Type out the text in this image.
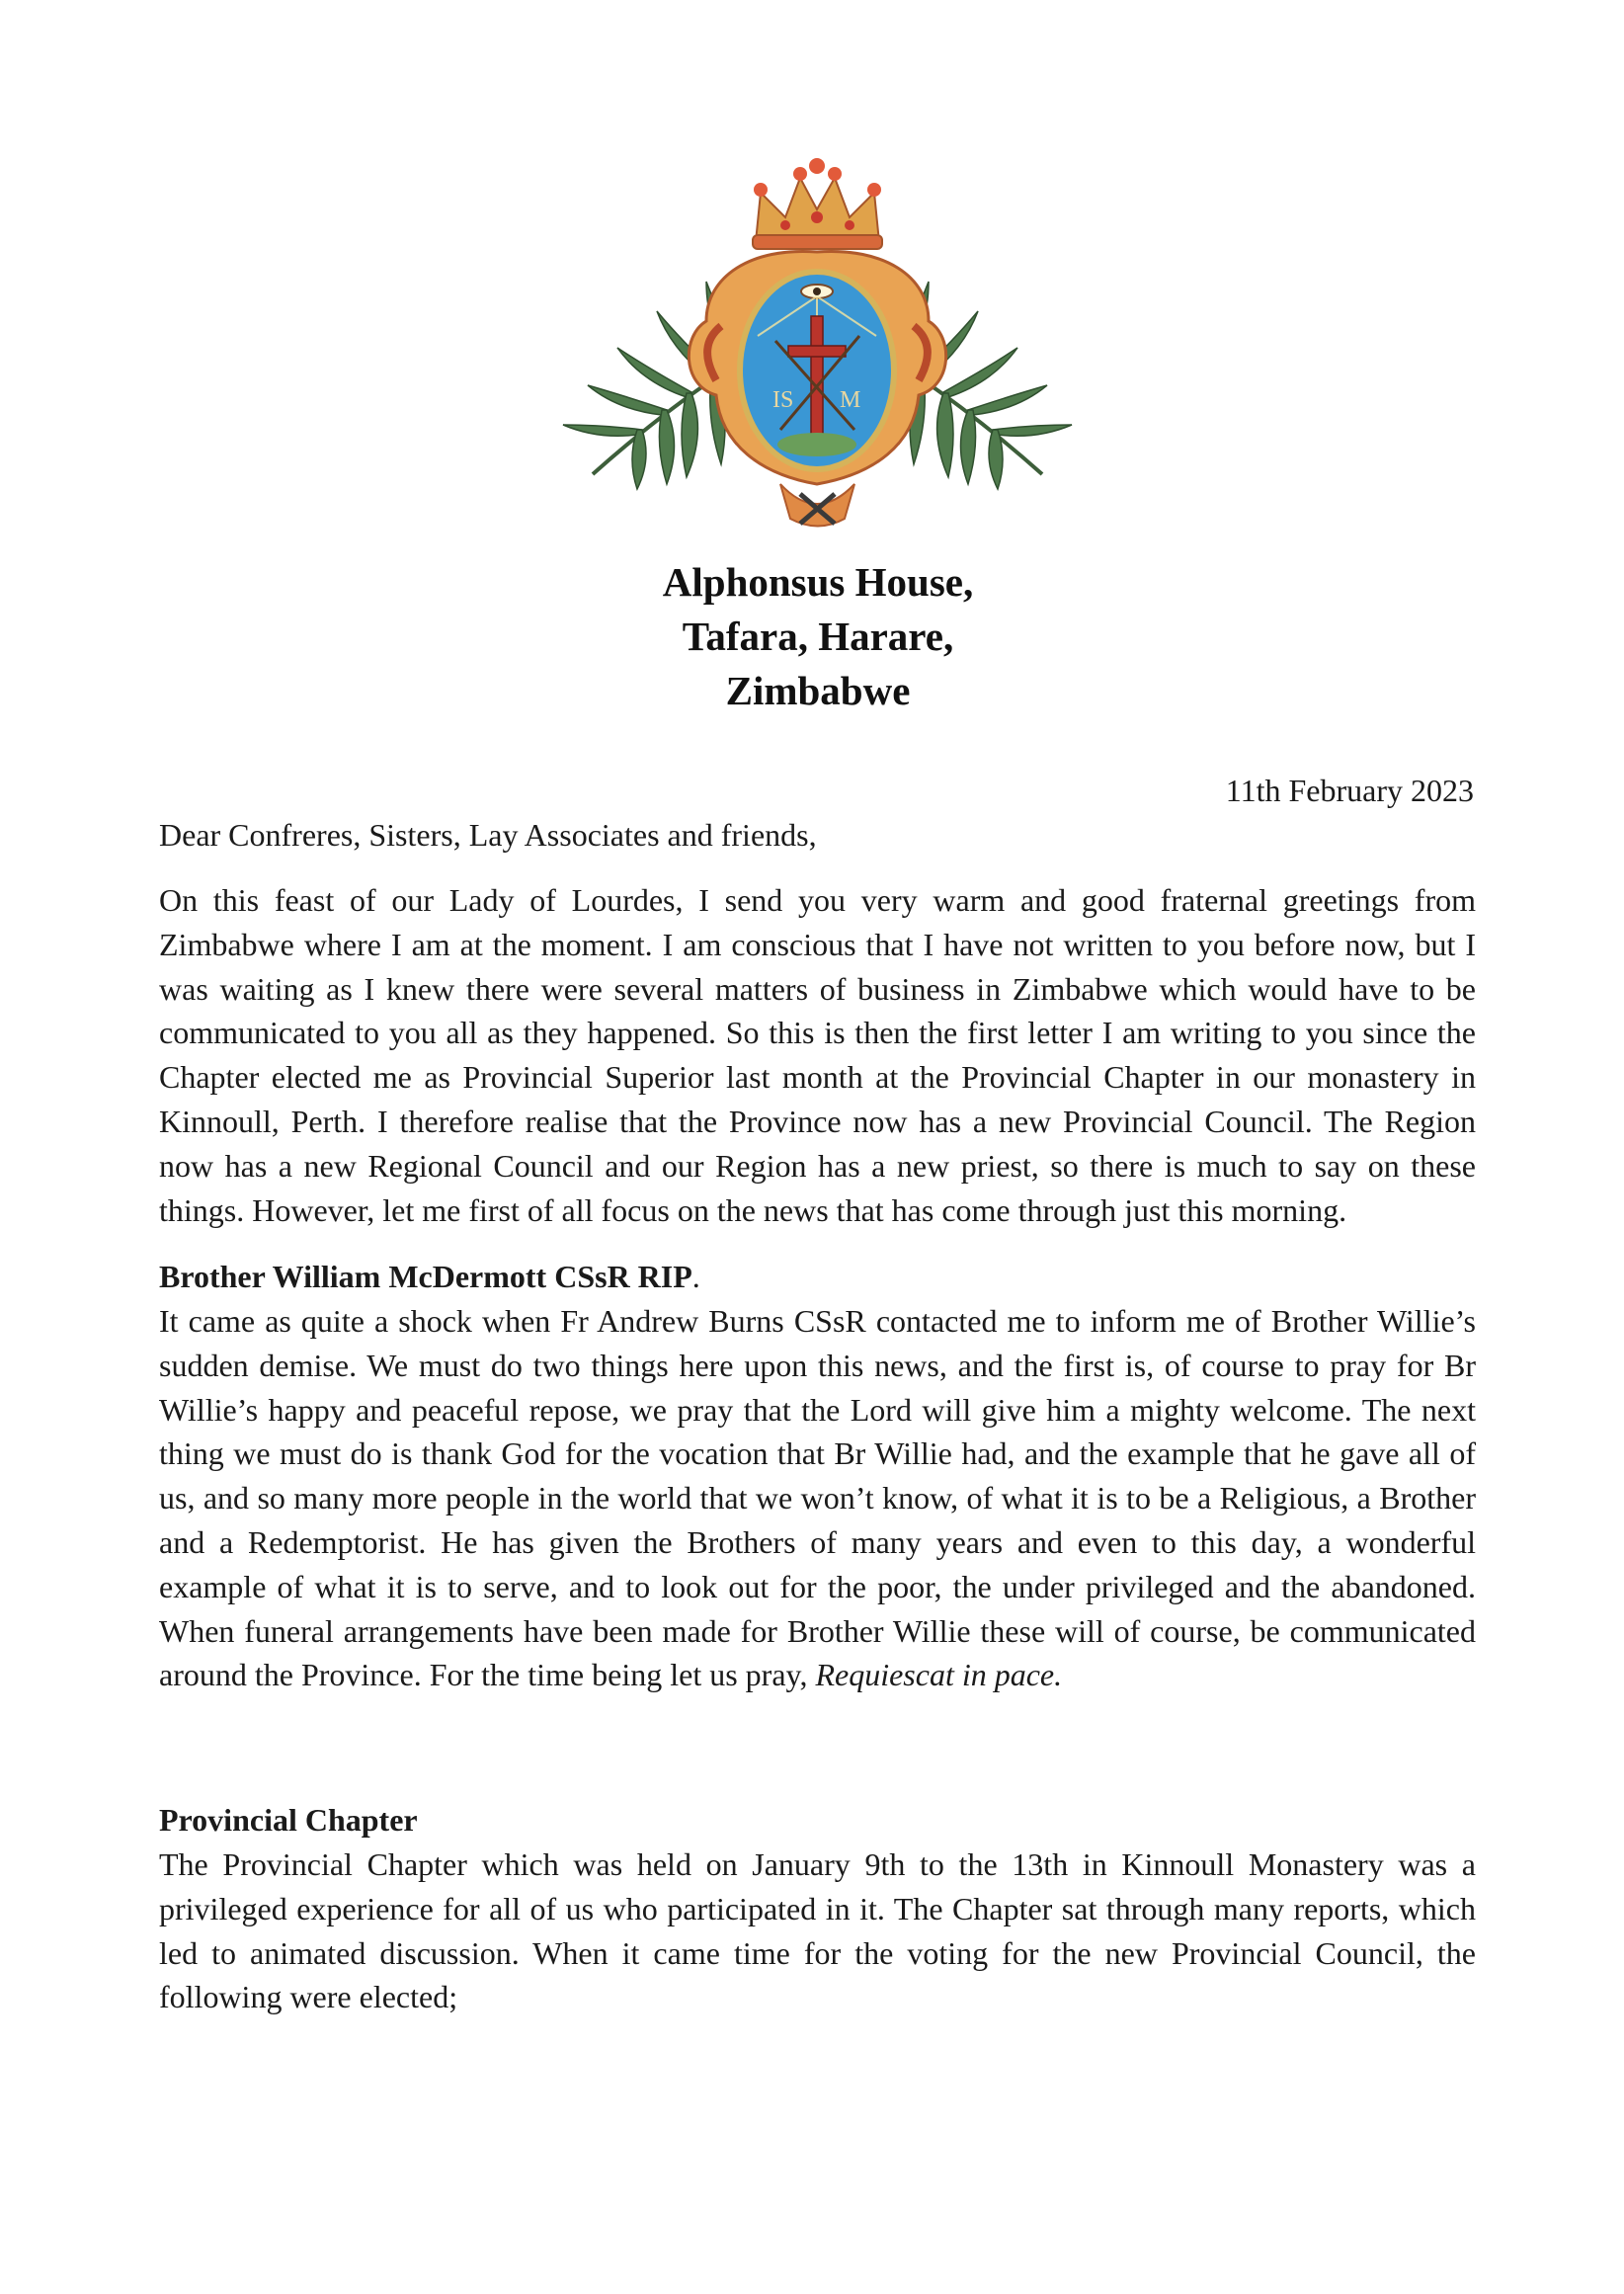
IS M
Alphonsus House,
Tafara, Harare,
Zimbabwe
11th February 2023
Dear Confreres, Sisters, Lay Associates and friends,
On this feast of our Lady of Lourdes, I send you very warm and good fraternal greetings from Zimbabwe where I am at the moment. I am conscious that I have not written to you before now, but I was waiting as I knew there were several matters of business in Zimbabwe which would have to be communicated to you all as they happened. So this is then the first letter I am writing to you since the Chapter elected me as Provincial Superior last month at the Provincial Chapter in our monastery in Kinnoull, Perth. I therefore realise that the Province now has a new Provincial Council. The Region now has a new Regional Council and our Region has a new priest, so there is much to say on these things. However, let me first of all focus on the news that has come through just this morning.
Brother William McDermott CSsR RIP.
It came as quite a shock when Fr Andrew Burns CSsR contacted me to inform me of Brother Willie’s sudden demise. We must do two things here upon this news, and the first is, of course to pray for Br Willie’s happy and peaceful repose, we pray that the Lord will give him a mighty welcome. The next thing we must do is thank God for the vocation that Br Willie had, and the example that he gave all of us, and so many more people in the world that we won’t know, of what it is to be a Religious, a Brother and a Redemptorist. He has given the Brothers of many years and even to this day, a wonderful example of what it is to serve, and to look out for the poor, the under privileged and the abandoned. When funeral arrangements have been made for Brother Willie these will of course, be communicated around the Province. For the time being let us pray, Requiescat in pace.
Provincial Chapter
The Provincial Chapter which was held on January 9th to the 13th in Kinnoull Monastery was a privileged experience for all of us who participated in it. The Chapter sat through many reports, which led to animated discussion. When it came time for the voting for the new Provincial Council, the following were elected;
